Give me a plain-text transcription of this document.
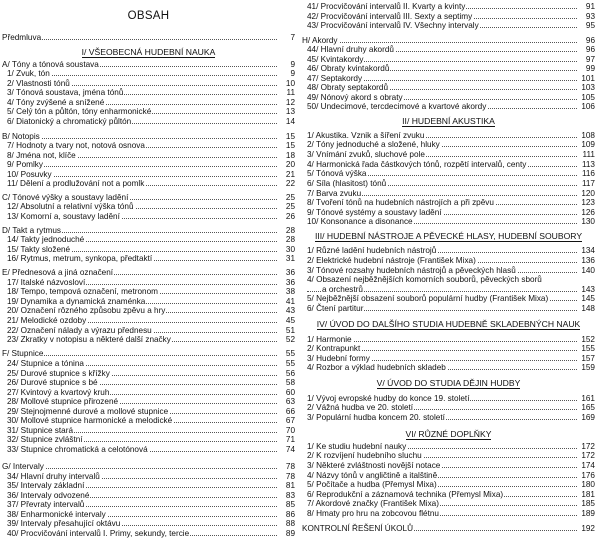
OBSAH
Předmluva	7
I/ VŠEOBECNÁ HUDEBNÍ NAUKA
A/ Tóny a tónová soustava	9
1/ Zvuk, tón	9
2/ Vlastnosti tónů	10
3/ Tónová soustava, jména tónů	11
4/ Tóny zvýšené a snížené	12
5/ Celý tón a půltón, tóny enharmonické	13
6/ Diatonický a chromatický půltón	14
B/ Notopis	15
7/ Hodnoty a tvary not, notová osnova	15
8/ Jména not, klíče	18
9/ Pomlky	20
10/ Posuvky	21
11/ Dělení a prodlužování not a pomlk	22
C/ Tónové výšky a soustavy ladění	25
12/ Absolutní a relativní výška tónů	25
13/ Komorní a, soustavy ladění	26
D/ Takt a rytmus	28
14/ Takty jednoduché	28
15/ Takty složené	30
16/ Rytmus, metrum, synkopa, předtaktí	31
E/ Přednesová a jiná označení	36
17/ Italské názvosloví	36
18/ Tempo, tempová označení, metronom	38
19/ Dynamika a dynamická znaménka	41
20/ Označení rôzného způsobu zpěvu a hry	43
21/ Melodické ozdoby	45
22/ Označení nálady a výrazu přednesu	51
23/ Zkratky v notopisu a některé další značky	52
F/ Stupnice	55
24/ Stupnice a tónina	55
25/ Durové stupnice s křížky	56
26/ Durové stupnice s bé	58
27/ Kvintový a kvartový kruh	60
28/ Mollové stupnice přirozené	63
29/ Stejnojmenné durové a mollové stupnice	66
30/ Mollové stupnice harmonické a melodické	67
31/ Stupnice stará	70
32/ Stupnice zvláštní	71
33/ Stupnice chromatická a celotónová	74
G/ Intervaly	78
34/ Hlavní druhy intervalů	78
35/ Intervaly základní	81
36/ Intervaly odvozené	83
37/ Převraty intervalů	85
38/ Enharmonické intervaly	86
39/ Intervaly přesahující oktávu	88
40/ Procvičování intervalů I. Primy, sekundy, tercie	89
41/ Procvičování intervalů II. Kvarty a kvinty	91
42/ Procvičování intervalů III. Sexty a septimy	93
43/ Procvičování intervalů IV. Všechny intervaly	95
H/ Akordy	96
44/ Hlavní druhy akordů	96
45/ Kvintakordy	97
46/ Obraty kvintakordů	99
47/ Septakordy	101
48/ Obraty septakordů	103
49/ Nónový akord s obraty	105
50/ Undecimové, tercdecimové a kvartové akordy	106
II/ HUDEBNÍ AKUSTIKA
1/ Akustika. Vznik a šíření zvuku	108
2/ Tóny jednoduché a složené, hluky	109
3/ Vnímání zvuků, sluchové pole	111
4/ Harmonická řada částkových tónů, rozpětí intervalů, centy	113
5/ Tónová výška	116
6/ Síla (hlasitost) tónů	117
7/ Barva zvuku	120
8/ Tvoření tónů na hudebních nástrojích a při zpěvu	123
9/ Tónové systémy a soustavy ladění	126
10/ Konsonance a disonance	130
III/ HUDEBNÍ NÁSTROJE A PĚVECKÉ HLASY, HUDEBNÍ SOUBORY
1/ Různé ladění hudebních nástrojů	134
2/ Elektrické hudební nástroje (František Mixa)	136
3/ Tónové rozsahy hudebních nástrojů a pěveckých hlasů	140
4/ Obsazení nejběžnějších komorních souborů, pěveckých sborů
a orchestrů	143
5/ Nejběžnější obsazení souborů populární hudby (František Mixa)	145
6/ Čtení partitur	148
IV/ ÚVOD DO DALŠÍHO STUDIA HUDEBNĚ SKLADEBNÝCH NAUK
1/ Harmonie	152
2/ Kontrapunkt	155
3/ Hudební formy	157
4/ Rozbor a výklad hudebních skladeb	159
V/ ÚVOD DO STUDIA DĚJIN HUDBY
1/ Vývoj evropské hudby do konce 19. století	161
2/ Vážná hudba ve 20. století	165
3/ Populární hudba koncem 20. století	169
VI/ RŮZNÉ DOPLŇKY
1/ Ke studiu hudební nauky	172
2/ K rozvíjení hudebního sluchu	172
3/ Některé zvláštnosti novější notace	174
4/ Názvy tónů v angličtině a italštině	176
5/ Počítače a hudba (Přemysl Mixa)	180
6/ Reprodukční a záznamová technika (Přemysl Mixa)	181
7/ Akordové značky (František Mixa)	185
8/ Hmaty pro hru na zobcovou flétnu	189
KONTROLNÍ ŘEŠENÍ ÚKOLŮ	192
